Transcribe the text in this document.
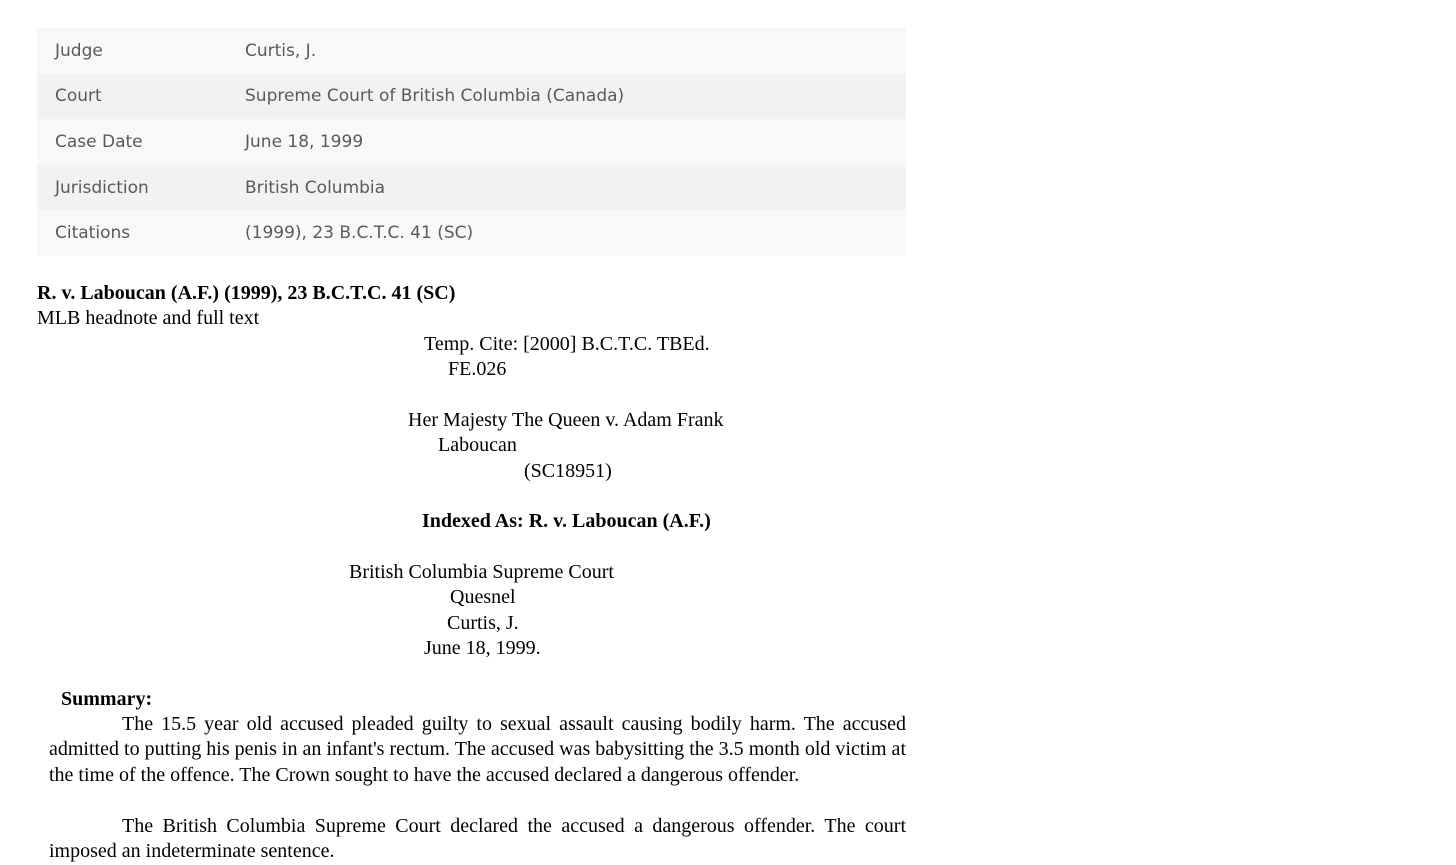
Judge	Curtis, J.
Court	Supreme Court of British Columbia (Canada)
Case Date	June 18, 1999
Jurisdiction	British Columbia
Citations	(1999), 23 B.C.T.C. 41 (SC)
R. v. Laboucan (A.F.) (1999), 23 B.C.T.C. 41 (SC)
MLB headnote and full text
Temp. Cite: [2000] B.C.T.C. TBEd.
FE.026
Her Majesty The Queen v. Adam Frank
Laboucan
(SC18951)
Indexed As: R. v. Laboucan (A.F.)
British Columbia Supreme Court
Quesnel
Curtis, J.
June 18, 1999.
Summary:
The 15.5 year old accused pleaded guilty to sexual assault causing bodily harm. The accused admitted to putting his penis in an infant's rectum. The accused was babysitting the 3.5 month old victim at the time of the offence. The Crown sought to have the accused declared a dangerous offender.
The British Columbia Supreme Court declared the accused a dangerous offender. The court imposed an indeterminate sentence.
